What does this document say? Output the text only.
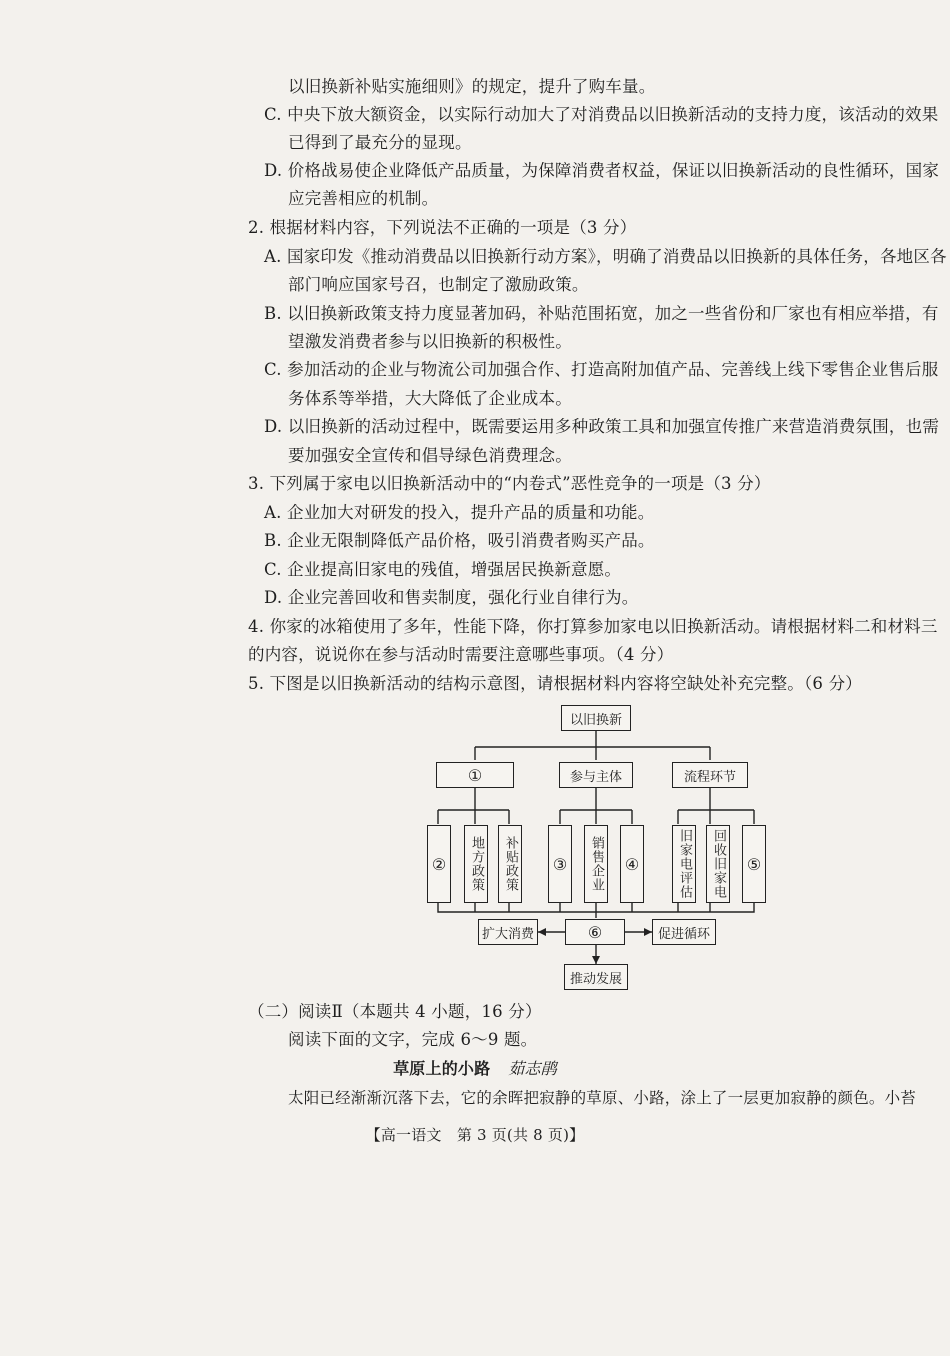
以旧换新补贴实施细则》的规定，提升了购车量。
C. 中央下放大额资金，以实际行动加大了对消费品以旧换新活动的支持力度，该活动的效果
已得到了最充分的显现。
D. 价格战易使企业降低产品质量，为保障消费者权益，保证以旧换新活动的良性循环，国家
应完善相应的机制。
2. 根据材料内容，下列说法不正确的一项是（3 分）
A. 国家印发《推动消费品以旧换新行动方案》，明确了消费品以旧换新的具体任务，各地区各
部门响应国家号召，也制定了激励政策。
B. 以旧换新政策支持力度显著加码，补贴范围拓宽，加之一些省份和厂家也有相应举措，有
望激发消费者参与以旧换新的积极性。
C. 参加活动的企业与物流公司加强合作、打造高附加值产品、完善线上线下零售企业售后服
务体系等举措，大大降低了企业成本。
D. 以旧换新的活动过程中，既需要运用多种政策工具和加强宣传推广来营造消费氛围，也需
要加强安全宣传和倡导绿色消费理念。
3. 下列属于家电以旧换新活动中的“内卷式”恶性竞争的一项是（3 分）
A. 企业加大对研发的投入，提升产品的质量和功能。
B. 企业无限制降低产品价格，吸引消费者购买产品。
C. 企业提高旧家电的残值，增强居民换新意愿。
D. 企业完善回收和售卖制度，强化行业自律行为。
4. 你家的冰箱使用了多年，性能下降，你打算参加家电以旧换新活动。请根据材料二和材料三
的内容，说说你在参与活动时需要注意哪些事项。（4 分）
5. 下图是以旧换新活动的结构示意图，请根据材料内容将空缺处补充完整。（6 分）
以旧换新
①	参与主体	流程环节
②	地方政策	补贴政策	③	销售企业	④	旧家电评估	回收旧家电	⑤
扩大消费	⑥	促进循环
推动发展
（二）阅读Ⅱ（本题共 4 小题，16 分）
阅读下面的文字，完成 6～9 题。
草原上的小路 茹志鹃
太阳已经渐渐沉落下去，它的余晖把寂静的草原、小路，涂上了一层更加寂静的颜色。小苔
【高一语文　第 3 页(共 8 页)】
